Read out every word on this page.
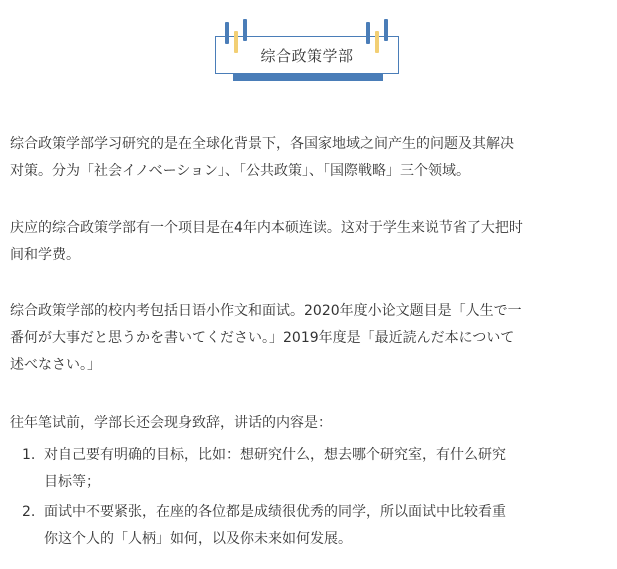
综合政策学部

综合政策学部学习研究的是在全球化背景下，各国家地域之间产生的问题及其解决
对策。分为「社会イノベーション」、「公共政策」、「国際戦略」三个领域。

庆应的综合政策学部有一个项目是在4年内本硕连读。这对于学生来说节省了大把时
间和学费。

综合政策学部的校内考包括日语小作文和面试。2020年度小论文题目是「人生で一
番何が大事だと思うかを書いてください。」2019年度是「最近読んだ本について
述べなさい。」

往年笔试前，学部长还会现身致辞，讲话的内容是：

1. 对自己要有明确的目标，比如：想研究什么，想去哪个研究室，有什么研究
目标等；
2. 面试中不要紧张，在座的各位都是成绩很优秀的同学，所以面试中比较看重
你这个人的「人柄」如何，以及你未来如何发展。
